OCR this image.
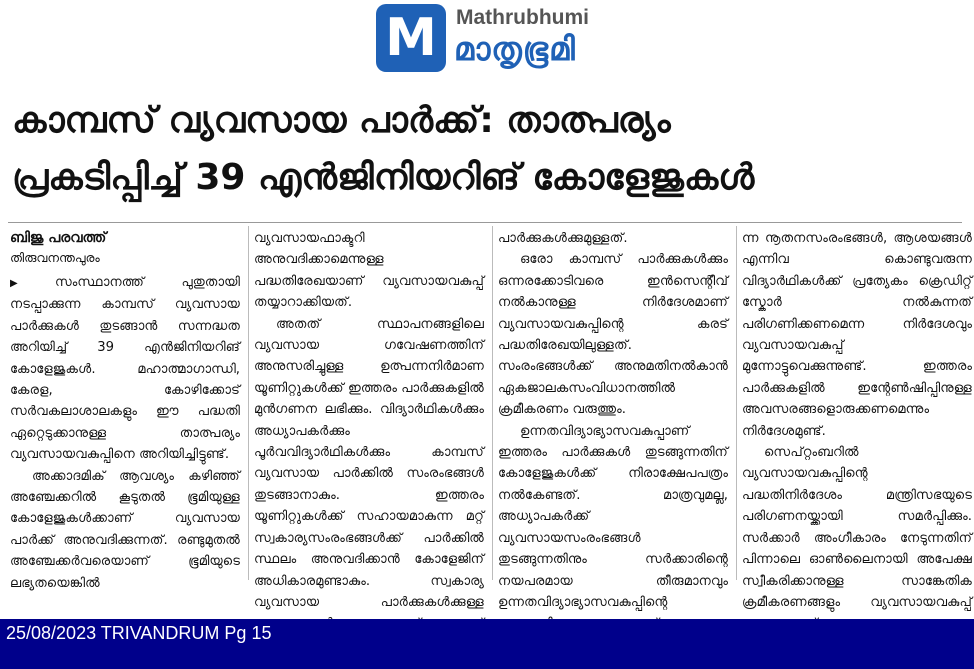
M Mathrubhumi
മാതൃഭൂമി
കാമ്പസ് വ്യവസായ പാർക്ക്: താത്പര്യം
പ്രകടിപ്പിച്ച് 39 എൻജിനിയറിങ് കോളേജുകൾ
ബിജു പരവത്ത്
തിരുവനന്തപുരം

▶ സംസ്ഥാനത്ത് പുതുതായി നടപ്പാക്കുന്ന കാമ്പസ് വ്യവസായ പാർക്കുകൾ തുടങ്ങാൻ സന്നദ്ധത അറിയിച്ച് 39 എൻജിനിയറിങ് കോളേജുകൾ. മഹാത്മാഗാന്ധി, കേരള, കോഴിക്കോട് സർവകലാശാലകളും ഈ പദ്ധതി ഏറ്റെടുക്കാനുള്ള താത്പര്യം വ്യവസായവകുപ്പിനെ അറിയിച്ചിട്ടുണ്ട്.

അക്കാദമിക് ആവശ്യം കഴിഞ്ഞ് അഞ്ചേക്കറിൽ കൂടുതൽ ഭൂമിയുള്ള കോളേജുകൾക്കാണ് വ്യവസായ പാർക്ക് അനുവദിക്കുന്നത്. രണ്ടുമുതൽ അഞ്ചേക്കർവരെയാണ് ഭൂമിയുടെ ലഭ്യതയെങ്കിൽ

വ്യവസായഫാക്ടറി അനുവദിക്കാമെന്നുള്ള പദ്ധതിരേഖയാണ് വ്യവസായവകുപ്പ് തയ്യാറാക്കിയത്.

അതത് സ്ഥാപനങ്ങളിലെ വ്യവസായ ഗവേഷണത്തിന് അനുസരിച്ചുള്ള ഉത്പന്നനിർമാണ യൂണിറ്റുകൾക്ക് ഇത്തരം പാർക്കുകളിൽ മുൻഗണന ലഭിക്കും. വിദ്യാർഥികൾക്കും അധ്യാപകർക്കും പൂർവവിദ്യാർഥികൾക്കും കാമ്പസ് വ്യവസായ പാർക്കിൽ സംരംഭങ്ങൾ തുടങ്ങാനാകും. ഇത്തരം യൂണിറ്റുകൾക്ക് സഹായമാകുന്ന മറ്റ് സ്വകാര്യസംരംഭങ്ങൾക്ക് പാർക്കിൽ സ്ഥലം അനുവദിക്കാൻ കോളേജിന് അധികാരമുണ്ടാകും. സ്വകാര്യ വ്യവസായ പാർക്കുകൾക്കുള്ള

പാർക്കുകൾക്കുമുള്ളത്.

ഒരോ കാമ്പസ് പാർക്കുകൾക്കും ഒന്നരക്കോടിവരെ ഇൻസെന്റീവ് നൽകാനുള്ള നിർദേശമാണ് വ്യവസായവകുപ്പിന്റെ കരട് പദ്ധതിരേഖയിലുള്ളത്. സംരംഭങ്ങൾക്ക് അനുമതിനൽകാൻ ഏകജാലകസംവിധാനത്തിൽ ക്രമീകരണം വരുത്തും.

ഉന്നതവിദ്യാഭ്യാസവകുപ്പാണ് ഇത്തരം പാർക്കുകൾ തുടങ്ങുന്നതിന് കോളേജുകൾക്ക് നിരാക്ഷേപപത്രം നൽകേണ്ടത്. മാത്രവുമല്ല, അധ്യാപകർക്ക് വ്യവസായസംരംഭങ്ങൾ തുടങ്ങുന്നതിനും സർക്കാരിന്റെ നയപരമായ തീരുമാനവും ഉന്നതവിദ്യാഭ്യാസവകുപ്പിന്റെ

ന്ന നൂതനസംരംഭങ്ങൾ, ആശയങ്ങൾ എന്നിവ കൊണ്ടുവരുന്ന വിദ്യാർഥികൾക്ക് പ്രത്യേകം ക്രെഡിറ്റ് സ്കോർ നൽകുന്നത് പരിഗണിക്കണമെന്ന നിർദേശവും വ്യവസായവകുപ്പ് മുന്നോട്ടുവെക്കുന്നുണ്ട്. ഇത്തരം പാർക്കുകളിൽ ഇന്റേൺഷിപ്പിനുള്ള അവസരങ്ങളൊരുക്കണമെന്നും നിർദേശമുണ്ട്.

സെപ്റ്റംബറിൽ വ്യവസായവകുപ്പിന്റെ പദ്ധതിനിർദേശം മന്ത്രിസഭയുടെ പരിഗണനയ്ക്കായി സമർപ്പിക്കും. സർക്കാർ അംഗീകാരം നേടുന്നതിന് പിന്നാലെ ഓൺലൈനായി അപേക്ഷ സ്വീകരിക്കാനുള്ള സാങ്കേതിക ക്രമീകരണങ്ങളും വ്യവസായവകുപ്പ്

25/08/2023 TRIVANDRUM Pg 15
